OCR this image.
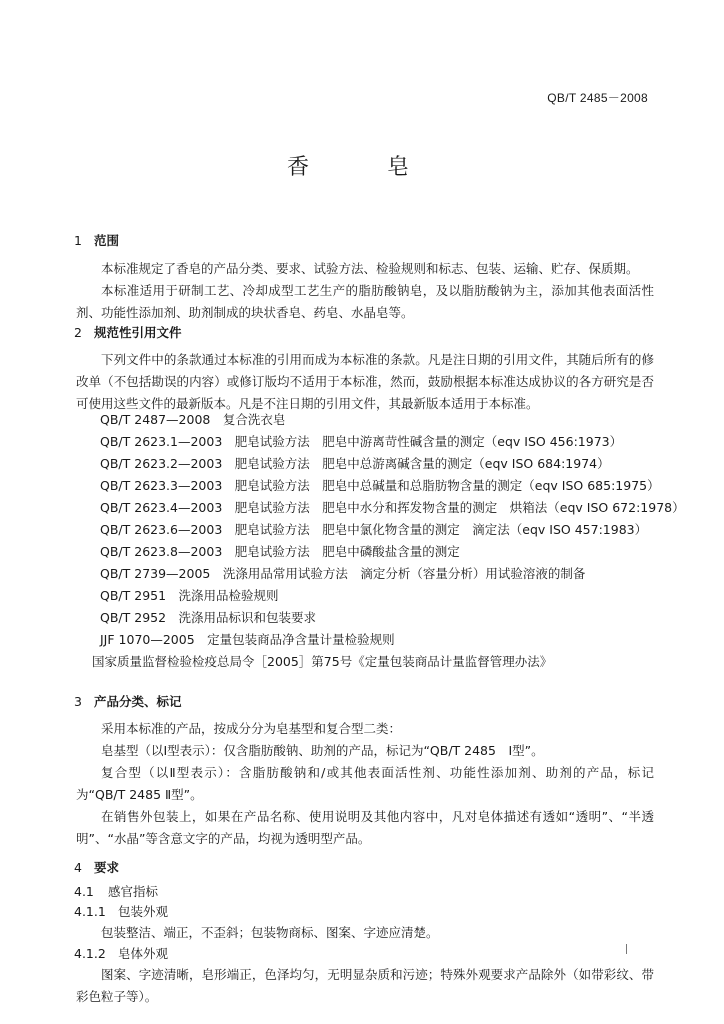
QB/T 2485－2008
香　皂
1 范围
本标准规定了香皂的产品分类、要求、试验方法、检验规则和标志、包装、运输、贮存、保质期。
本标准适用于研制工艺、冷却成型工艺生产的脂肪酸钠皂，及以脂肪酸钠为主，添加其他表面活性剂、功能性添加剂、助剂制成的块状香皂、药皂、水晶皂等。
2 规范性引用文件
下列文件中的条款通过本标准的引用而成为本标准的条款。凡是注日期的引用文件，其随后所有的修改单（不包括勘误的内容）或修订版均不适用于本标准，然而，鼓励根据本标准达成协议的各方研究是否可使用这些文件的最新版本。凡是不注日期的引用文件，其最新版本适用于本标准。
QB/T 2487—2008　复合洗衣皂
QB/T 2623.1—2003　肥皂试验方法　肥皂中游离苛性碱含量的测定（eqv ISO 456:1973）
QB/T 2623.2—2003　肥皂试验方法　肥皂中总游离碱含量的测定（eqv ISO 684:1974）
QB/T 2623.3—2003　肥皂试验方法　肥皂中总碱量和总脂肪物含量的测定（eqv ISO 685:1975）
QB/T 2623.4—2003　肥皂试验方法　肥皂中水分和挥发物含量的测定　烘箱法（eqv ISO 672:1978）
QB/T 2623.6—2003　肥皂试验方法　肥皂中氯化物含量的测定　滴定法（eqv ISO 457:1983）
QB/T 2623.8—2003　肥皂试验方法　肥皂中磷酸盐含量的测定
QB/T 2739—2005　洗涤用品常用试验方法　滴定分析（容量分析）用试验溶液的制备
QB/T 2951　洗涤用品检验规则
QB/T 2952　洗涤用品标识和包装要求
JJF 1070—2005　定量包装商品净含量计量检验规则
国家质量监督检验检疫总局令［2005］第75号《定量包装商品计量监督管理办法》
3 产品分类、标记
采用本标准的产品，按成分分为皂基型和复合型二类：
皂基型（以Ⅰ型表示）：仅含脂肪酸钠、助剂的产品，标记为“QB/T 2485　Ⅰ型”。
复合型（以Ⅱ型表示）：含脂肪酸钠和/或其他表面活性剂、功能性添加剂、助剂的产品，标记为“QB/T 2485 Ⅱ型”。
在销售外包装上，如果在产品名称、使用说明及其他内容中，凡对皂体描述有透如“透明”、“半透明”、“水晶”等含意文字的产品，均视为透明型产品。
4 要求
4.1 感官指标
4.1.1 包装外观
包装整洁、端正，不歪斜；包装物商标、图案、字迹应清楚。
4.1.2 皂体外观
图案、字迹清晰，皂形端正，色泽均匀，无明显杂质和污迹；特殊外观要求产品除外（如带彩纹、带彩色粒子等）。
